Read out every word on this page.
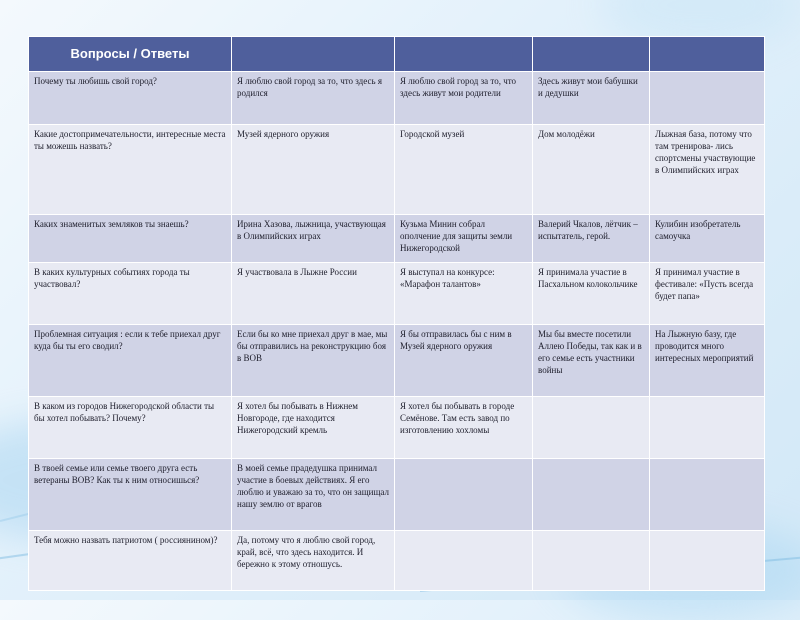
Вопросы / Ответы				
Почему ты любишь свой город?	Я люблю свой город за то, что здесь я родился	Я люблю свой город за то, что здесь живут мои родители	Здесь живут мои бабушки и дедушки	
Какие достопримечательности, интересные места ты можешь назвать?	Музей ядерного оружия	Городской музей	Дом молодёжи	Лыжная база, потому что там тренирова- лись спортсмены участвующие в Олимпийских играх
Каких знаменитых земляков ты знаешь?	Ирина Хазова, лыжница, участвующая в Олимпийских играх	Кузьма Минин собрал ополчение для защиты земли Нижегородской	Валерий Чкалов, лётчик – испытатель, герой.	Кулибин изобретатель самоучка
В каких культурных событиях города ты участвовал?	Я участвовала в Лыжне России	Я выступал на конкурсе: «Марафон талантов»	Я принимала участие в Пасхальном колокольчике	Я принимал участие в фестивале: «Пусть всегда будет папа»
Проблемная ситуация : если к тебе приехал друг куда бы ты его сводил?	Если бы ко мне приехал друг в мае, мы бы отправились на реконструкцию боя в ВОВ	Я бы отправилась бы с ним в Музей ядерного оружия	Мы бы вместе посетили Аллею Победы, так как и в его семье есть участники войны	На Лыжную базу, где проводится много интересных мероприятий
В каком из городов Нижегородской области ты бы хотел побывать? Почему?	Я хотел бы побывать в Нижнем Новгороде, где находится Нижегородский кремль	Я хотел бы побывать в городе Семёнове. Там есть завод по изготовлению хохломы		
В твоей семье или семье твоего друга есть ветераны ВОВ? Как ты к ним относишься?	В моей семье прадедушка принимал участие в боевых действиях. Я его люблю и уважаю за то, что он защищал нашу землю от врагов			
Тебя можно назвать патриотом ( россиянином)?	Да, потому что я люблю свой город, край, всё, что здесь находится. И бережно к этому отношусь.			
